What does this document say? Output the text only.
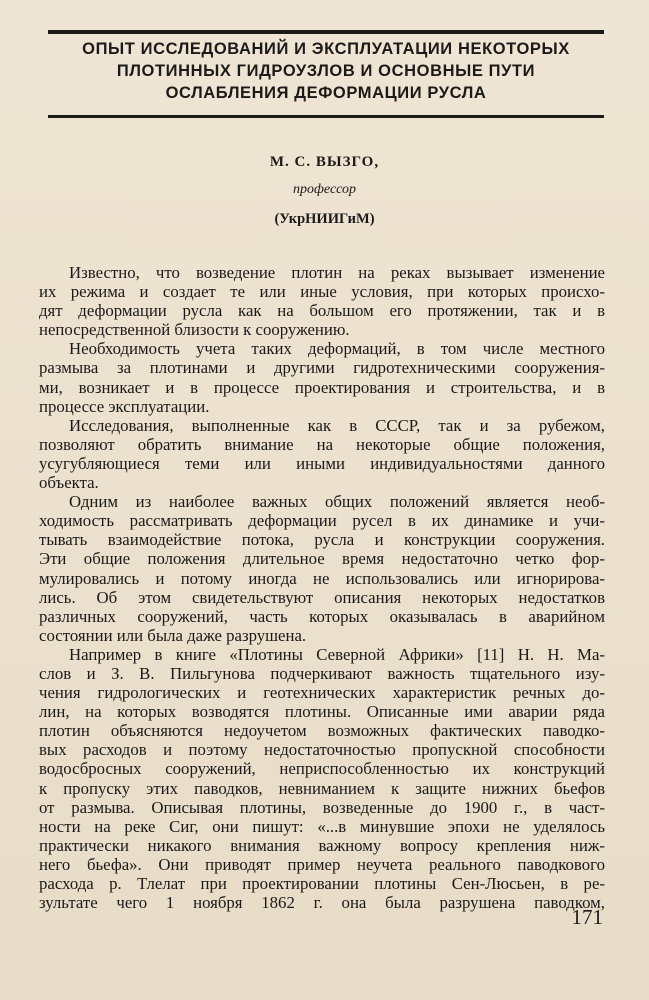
ОПЫТ ИССЛЕДОВАНИЙ И ЭКСПЛУАТАЦИИ НЕКОТОРЫХ
ПЛОТИННЫХ ГИДРОУЗЛОВ И ОСНОВНЫЕ ПУТИ
ОСЛАБЛЕНИЯ ДЕФОРМАЦИИ РУСЛА
М. С. ВЫЗГО,
профессор
(УкрНИИГиМ)
Известно, что возведение плотин на реках вызывает изменение
их режима и создает те или иные условия, при которых происхо-
дят деформации русла как на большом его протяжении, так и в
непосредственной близости к сооружению.
Необходимость учета таких деформаций, в том числе местного
размыва за плотинами и другими гидротехническими сооружения-
ми, возникает и в процессе проектирования и строительства, и в
процессе эксплуатации.
Исследования, выполненные как в СССР, так и за рубежом,
позволяют обратить внимание на некоторые общие положения,
усугубляющиеся теми или иными индивидуальностями данного
объекта.
Одним из наиболее важных общих положений является необ-
ходимость рассматривать деформации русел в их динамике и учи-
тывать взаимодействие потока, русла и конструкции сооружения.
Эти общие положения длительное время недостаточно четко фор-
мулировались и потому иногда не использовались или игнорирова-
лись. Об этом свидетельствуют описания некоторых недостатков
различных сооружений, часть которых оказывалась в аварийном
состоянии или была даже разрушена.
Например в книге «Плотины Северной Африки» [11] Н. Н. Ма-
слов и З. В. Пильгунова подчеркивают важность тщательного изу-
чения гидрологических и геотехнических характеристик речных до-
лин, на которых возводятся плотины. Описанные ими аварии ряда
плотин объясняются недоучетом возможных фактических паводко-
вых расходов и поэтому недостаточностью пропускной способности
водосбросных сооружений, неприспособленностью их конструкций
к пропуску этих паводков, невниманием к защите нижних бьефов
от размыва. Описывая плотины, возведенные до 1900 г., в част-
ности на реке Сиг, они пишут: «...в минувшие эпохи не уделялось
практически никакого внимания важному вопросу крепления ниж-
него бьефа». Они приводят пример неучета реального паводкового
расхода р. Тлелат при проектировании плотины Сен-Люсьен, в ре-
зультате чего 1 ноября 1862 г. она была разрушена паводком,
171
